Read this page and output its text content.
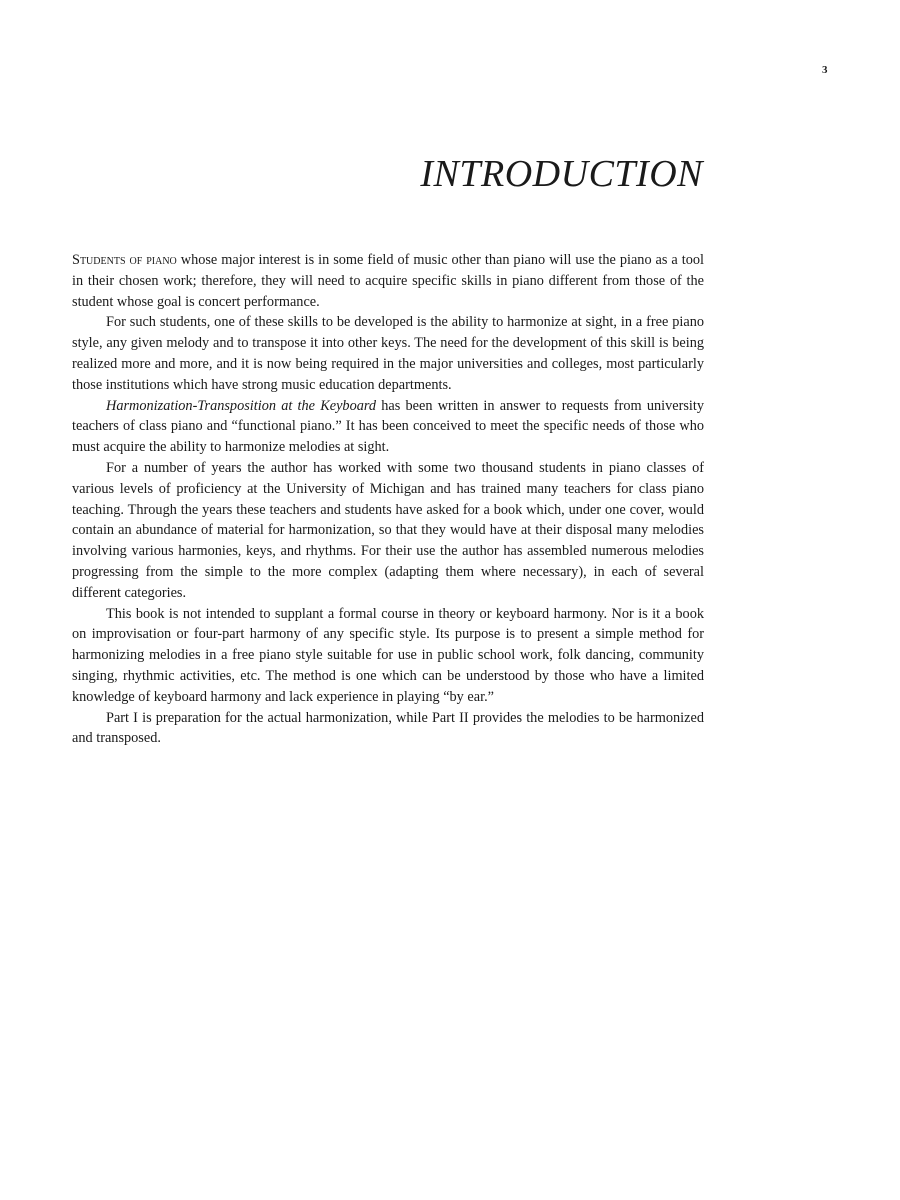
3
INTRODUCTION

Students of piano whose major interest is in some field of music other than piano will use the piano as a tool in their chosen work; therefore, they will need to acquire specific skills in piano different from those of the student whose goal is concert performance.

For such students, one of these skills to be developed is the ability to harmonize at sight, in a free piano style, any given melody and to transpose it into other keys. The need for the development of this skill is being realized more and more, and it is now being required in the major universities and colleges, most particularly those institutions which have strong music education departments.

Harmonization-Transposition at the Keyboard has been written in answer to requests from university teachers of class piano and “functional piano.” It has been conceived to meet the specific needs of those who must acquire the ability to harmonize melodies at sight.

For a number of years the author has worked with some two thousand students in piano classes of various levels of proficiency at the University of Michigan and has trained many teachers for class piano teaching. Through the years these teachers and students have asked for a book which, under one cover, would contain an abundance of material for harmonization, so that they would have at their disposal many melodies involving various harmonies, keys, and rhythms. For their use the author has assembled numerous melodies progressing from the simple to the more complex (adapting them where necessary), in each of several different categories.

This book is not intended to supplant a formal course in theory or keyboard harmony. Nor is it a book on improvisation or four-part harmony of any specific style. Its purpose is to present a simple method for harmonizing melodies in a free piano style suitable for use in public school work, folk dancing, community singing, rhythmic activities, etc. The method is one which can be understood by those who have a limited knowledge of keyboard harmony and lack experience in playing “by ear.”

Part I is preparation for the actual harmonization, while Part II provides the melodies to be harmonized and transposed.
